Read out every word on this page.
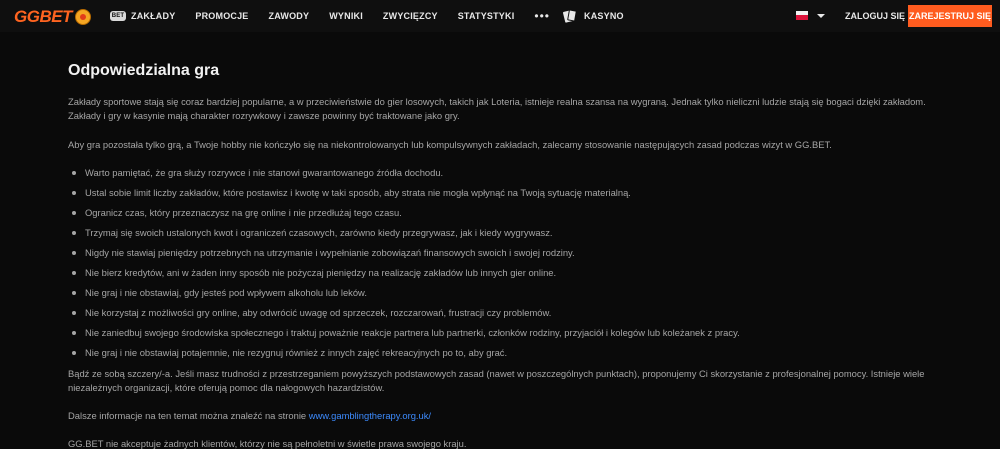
GGBET	BET ZAKŁADY PROMOCJE ZAWODY WYNIKI ZWYCIĘZCY STATYSTYKI •••	KASYNO	ZALOGUJ SIĘ ZAREJESTRUJ SIĘ
Odpowiedzialna gra

Zakłady sportowe stają się coraz bardziej popularne, a w przeciwieństwie do gier losowych, takich jak Loteria, istnieje realna szansa na wygraną. Jednak tylko nieliczni ludzie stają się bogaci dzięki zakładom. Zakłady i gry w kasynie mają charakter rozrywkowy i zawsze powinny być traktowane jako gry.

Aby gra pozostała tylko grą, a Twoje hobby nie kończyło się na niekontrolowanych lub kompulsywnych zakładach, zalecamy stosowanie następujących zasad podczas wizyt w GG.BET.

Warto pamiętać, że gra służy rozrywce i nie stanowi gwarantowanego źródła dochodu.
Ustal sobie limit liczby zakładów, które postawisz i kwotę w taki sposób, aby strata nie mogła wpłynąć na Twoją sytuację materialną.
Ogranicz czas, który przeznaczysz na grę online i nie przedłużaj tego czasu.
Trzymaj się swoich ustalonych kwot i ograniczeń czasowych, zarówno kiedy przegrywasz, jak i kiedy wygrywasz.
Nigdy nie stawiaj pieniędzy potrzebnych na utrzymanie i wypełnianie zobowiązań finansowych swoich i swojej rodziny.
Nie bierz kredytów, ani w żaden inny sposób nie pożyczaj pieniędzy na realizację zakładów lub innych gier online.
Nie graj i nie obstawiaj, gdy jesteś pod wpływem alkoholu lub leków.
Nie korzystaj z możliwości gry online, aby odwrócić uwagę od sprzeczek, rozczarowań, frustracji czy problemów.
Nie zaniedbuj swojego środowiska społecznego i traktuj poważnie reakcje partnera lub partnerki, członków rodziny, przyjaciół i kolegów lub koleżanek z pracy.
Nie graj i nie obstawiaj potajemnie, nie rezygnuj również z innych zajęć rekreacyjnych po to, aby grać.

Bądź ze sobą szczery/-a. Jeśli masz trudności z przestrzeganiem powyższych podstawowych zasad (nawet w poszczególnych punktach), proponujemy Ci skorzystanie z profesjonalnej pomocy. Istnieje wiele niezależnych organizacji, które oferują pomoc dla nałogowych hazardzistów.

Dalsze informacje na ten temat można znaleźć na stronie www.gamblingtherapy.org.uk/

GG.BET nie akceptuje żadnych klientów, którzy nie są pełnoletni w świetle prawa swojego kraju.
